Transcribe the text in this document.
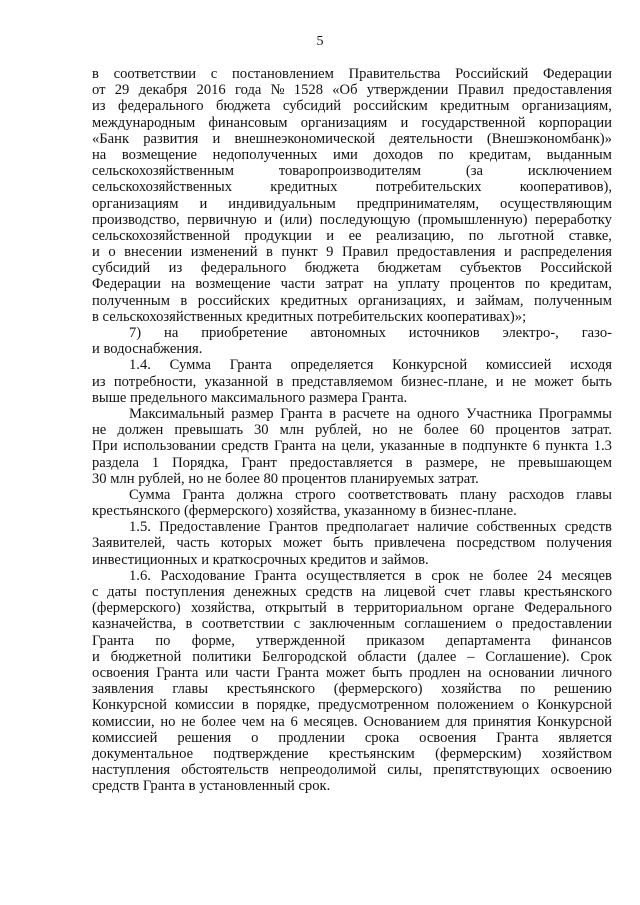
5
в соответствии с постановлением Правительства Российский Федерации
от 29 декабря 2016 года № 1528 «Об утверждении Правил предоставления
из федерального бюджета субсидий российским кредитным организациям,
международным финансовым организациям и государственной корпорации
«Банк развития и внешнеэкономической деятельности (Внешэкономбанк)»
на возмещение недополученных ими доходов по кредитам, выданным
сельскохозяйственным	товаропроизводителям	(за	исключением
сельскохозяйственных	кредитных	потребительских	кооперативов),
организациям и индивидуальным предпринимателям, осуществляющим
производство, первичную и (или) последующую (промышленную) переработку
сельскохозяйственной продукции и ее реализацию, по льготной ставке,
и о внесении изменений в пункт 9 Правил предоставления и распределения
субсидий из федерального бюджета бюджетам субъектов Российской
Федерации на возмещение части затрат на уплату процентов по кредитам,
полученным в российских кредитных организациях, и займам, полученным
в сельскохозяйственных кредитных потребительских кооперативах)»;
7) на приобретение автономных источников электро-, газо-
и водоснабжения.
1.4. Сумма Гранта определяется Конкурсной комиссией исходя
из потребности, указанной в представляемом бизнес-плане, и не может быть
выше предельного максимального размера Гранта.
Максимальный размер Гранта в расчете на одного Участника Программы
не должен превышать 30 млн рублей, но не более 60 процентов затрат.
При использовании средств Гранта на цели, указанные в подпункте 6 пункта 1.3
раздела 1 Порядка, Грант предоставляется в размере, не превышающем
30 млн рублей, но не более 80 процентов планируемых затрат.
Сумма Гранта должна строго соответствовать плану расходов главы
крестьянского (фермерского) хозяйства, указанному в бизнес-плане.
1.5. Предоставление Грантов предполагает наличие собственных средств
Заявителей, часть которых может быть привлечена посредством получения
инвестиционных и краткосрочных кредитов и займов.
1.6. Расходование Гранта осуществляется в срок не более 24 месяцев
с даты поступления денежных средств на лицевой счет главы крестьянского
(фермерского) хозяйства, открытый в территориальном органе Федерального
казначейства, в соответствии с заключенным соглашением о предоставлении
Гранта по форме, утвержденной приказом департамента финансов
и бюджетной политики Белгородской области (далее – Соглашение). Срок
освоения Гранта или части Гранта может быть продлен на основании личного
заявления главы крестьянского (фермерского) хозяйства по решению
Конкурсной комиссии в порядке, предусмотренном положением о Конкурсной
комиссии, но не более чем на 6 месяцев. Основанием для принятия Конкурсной
комиссией решения о продлении срока освоения Гранта является
документальное подтверждение крестьянским (фермерским) хозяйством
наступления обстоятельств непреодолимой силы, препятствующих освоению
средств Гранта в установленный срок.
